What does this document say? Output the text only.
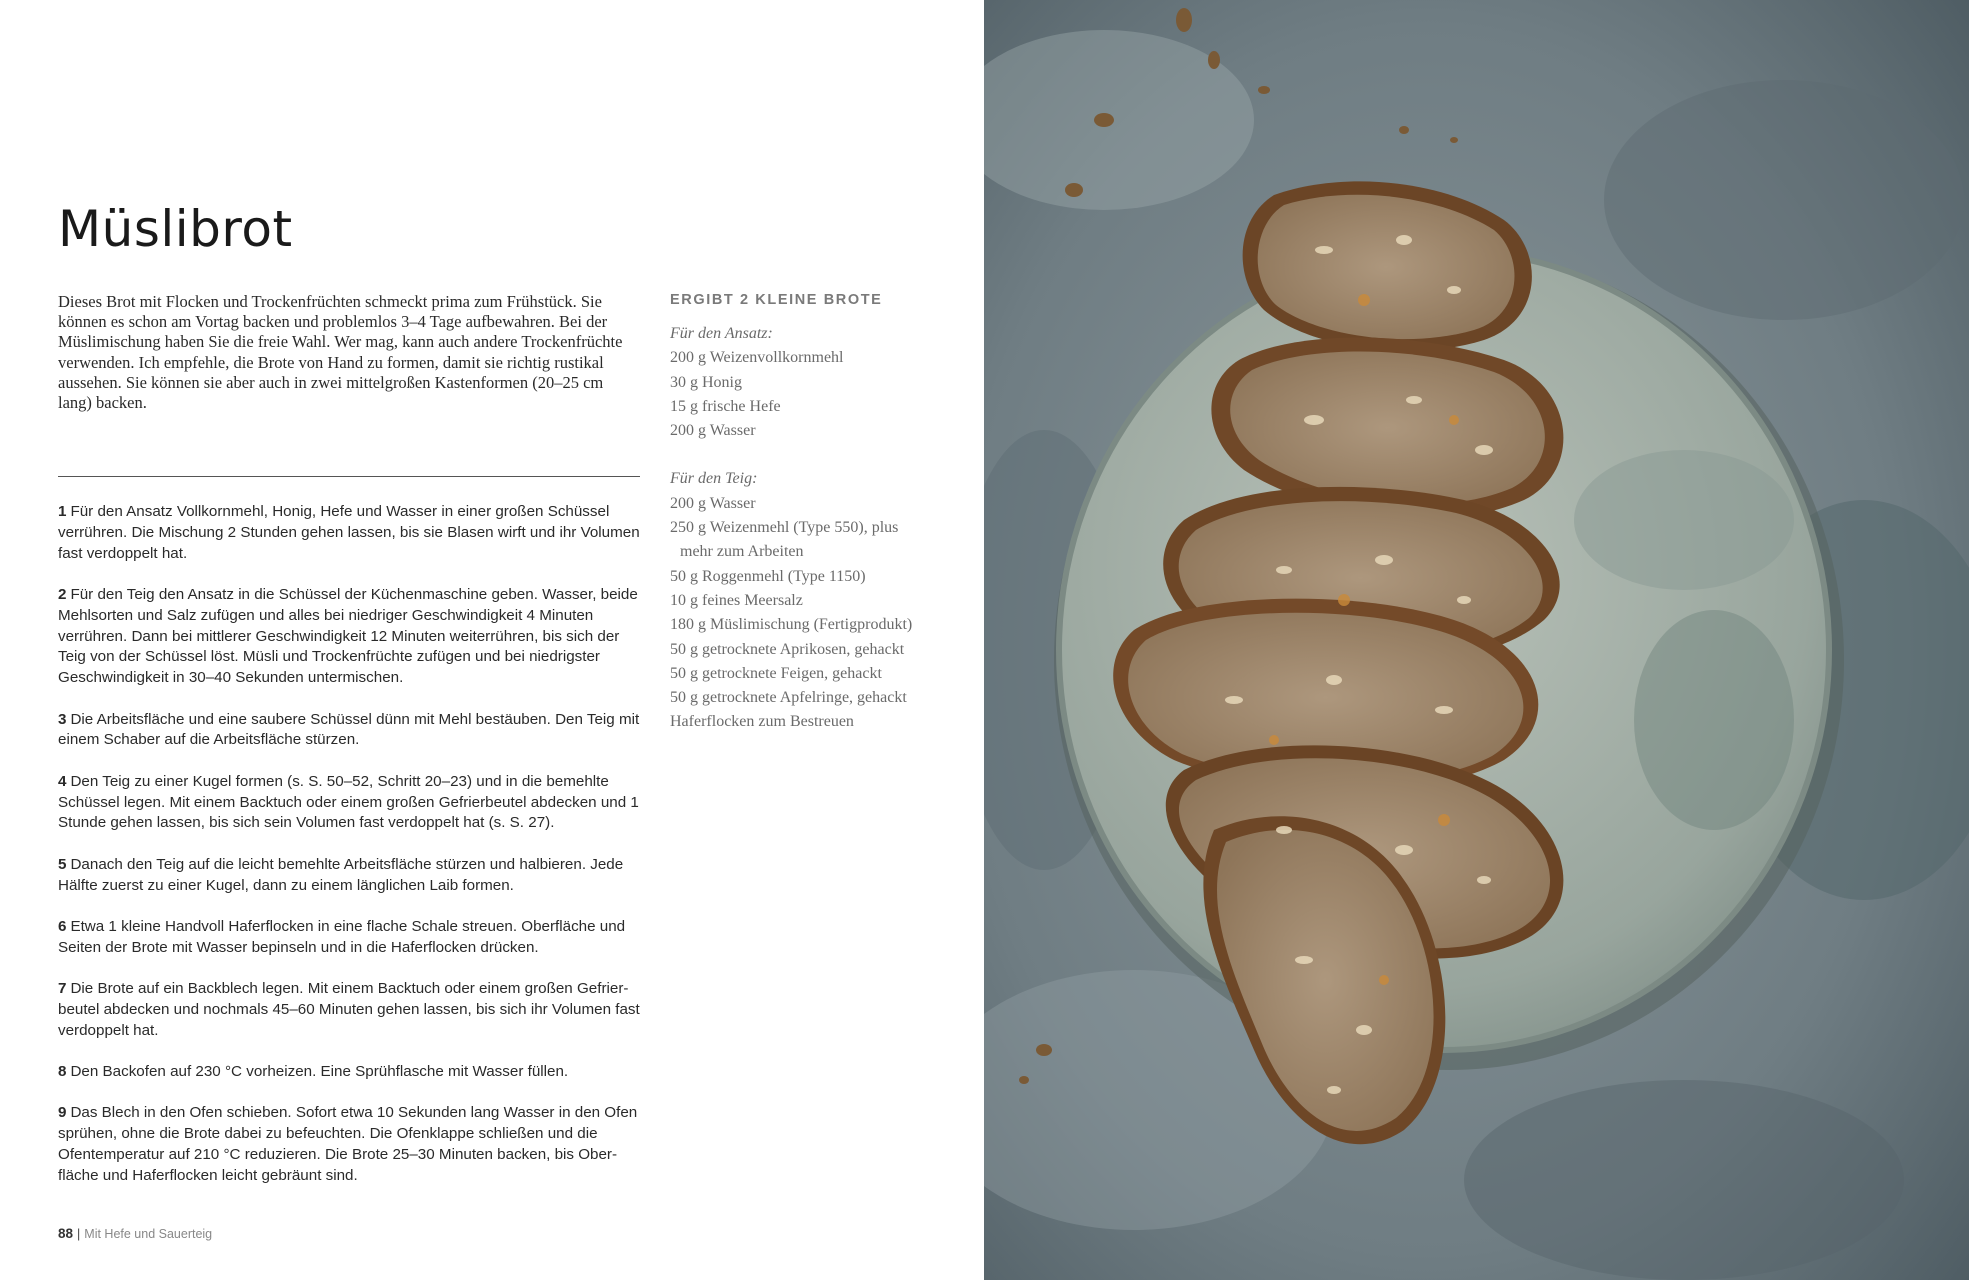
Müslibrot

Dieses Brot mit Flocken und Trockenfrüchten schmeckt prima zum Frühstück. Sie können es schon am Vortag backen und problemlos 3–4 Tage aufbewahren. Bei der Müslimischung haben Sie die freie Wahl. Wer mag, kann auch andere Trockenfrüchte verwenden. Ich empfehle, die Brote von Hand zu formen, damit sie richtig rustikal aussehen. Sie können sie aber auch in zwei mittelgroßen Kastenformen (20–25 cm lang) backen.

1 Für den Ansatz Vollkornmehl, Honig, Hefe und Wasser in einer großen Schüssel verrühren. Die Mischung 2 Stunden gehen lassen, bis sie Blasen wirft und ihr Volumen fast verdoppelt hat.
2 Für den Teig den Ansatz in die Schüssel der Küchenmaschine geben. Wasser, beide Mehlsorten und Salz zufügen und alles bei niedriger Geschwindigkeit 4 Minuten verrühren. Dann bei mittlerer Geschwindigkeit 12 Minuten weiterrühren, bis sich der Teig von der Schüssel löst. Müsli und Trockenfrüchte zufügen und bei niedrigster Geschwindigkeit in 30–40 Sekunden untermischen.
3 Die Arbeitsfläche und eine saubere Schüssel dünn mit Mehl bestäuben. Den Teig mit einem Schaber auf die Arbeitsfläche stürzen.
4 Den Teig zu einer Kugel formen (s. S. 50–52, Schritt 20–23) und in die bemehlte Schüssel legen. Mit einem Backtuch oder einem großen Gefrierbeutel abdecken und 1 Stunde gehen lassen, bis sich sein Volumen fast verdoppelt hat (s. S. 27).
5 Danach den Teig auf die leicht bemehlte Arbeitsfläche stürzen und halbieren. Jede Hälfte zuerst zu einer Kugel, dann zu einem länglichen Laib formen.
6 Etwa 1 kleine Handvoll Haferflocken in eine flache Schale streuen. Oberfläche und Seiten der Brote mit Wasser bepinseln und in die Haferflocken drücken.
7 Die Brote auf ein Backblech legen. Mit einem Backtuch oder einem großen Gefrierbeutel abdecken und nochmals 45–60 Minuten gehen lassen, bis sich ihr Volumen fast verdoppelt hat.
8 Den Backofen auf 230 °C vorheizen. Eine Sprühflasche mit Wasser füllen.
9 Das Blech in den Ofen schieben. Sofort etwa 10 Sekunden lang Wasser in den Ofen sprühen, ohne die Brote dabei zu befeuchten. Die Ofenklappe schließen und die Ofentemperatur auf 210 °C reduzieren. Die Brote 25–30 Minuten backen, bis Oberfläche und Haferflocken leicht gebräunt sind.

ERGIBT 2 KLEINE BROTE

Für den Ansatz:

200 g Weizenvollkornmehl
30 g Honig
15 g frische Hefe
200 g Wasser

Für den Teig:

200 g Wasser
250 g Weizenmehl (Type 550), plus mehr zum Arbeiten
50 g Roggenmehl (Type 1150)
10 g feines Meersalz
180 g Müslimischung (Fertigprodukt)
50 g getrocknete Aprikosen, gehackt
50 g getrocknete Feigen, gehackt
50 g getrocknete Apfelringe, gehackt
Haferflocken zum Bestreuen
88 | Mit Hefe und Sauerteig
